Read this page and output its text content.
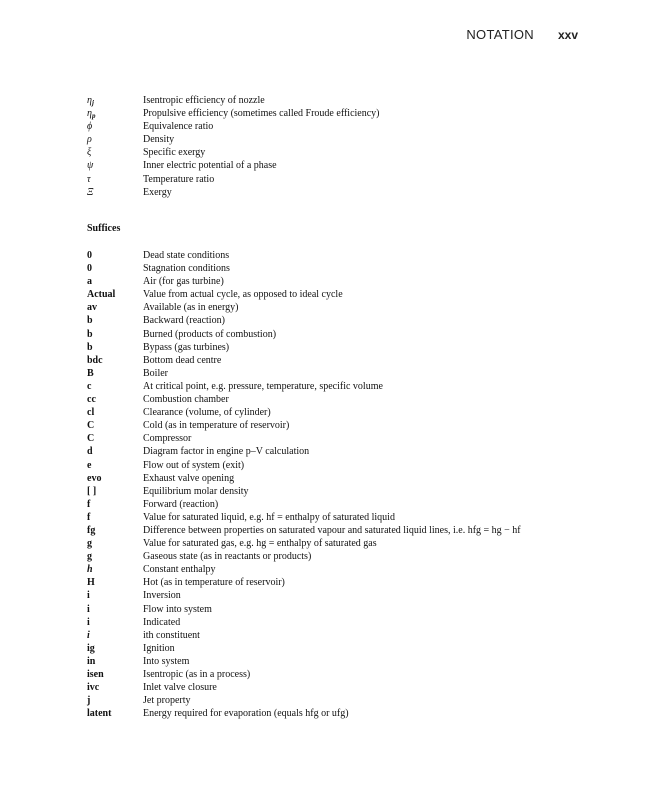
NOTATION xxv
$\eta_j$	Isentropic efficiency of nozzle
$\eta_p$	Propulsive efficiency (sometimes called Froude efficiency)
ϕ	Equivalence ratio
ρ	Density
ξ	Specific exergy
ψ	Inner electric potential of a phase
τ	Temperature ratio
Ξ	Exergy
Suffices
0	Dead state conditions
0	Stagnation conditions
a	Air (for gas turbine)
Actual	Value from actual cycle, as opposed to ideal cycle
av	Available (as in energy)
b	Backward (reaction)
b	Burned (products of combustion)
b	Bypass (gas turbines)
bdc	Bottom dead centre
B	Boiler
c	At critical point, e.g. pressure, temperature, specific volume
cc	Combustion chamber
cl	Clearance (volume, of cylinder)
C	Cold (as in temperature of reservoir)
C	Compressor
d	Diagram factor in engine p–V calculation
e	Flow out of system (exit)
evo	Exhaust valve opening
[ ]	Equilibrium molar density
f	Forward (reaction)
f	Value for saturated liquid, e.g. hf = enthalpy of saturated liquid
fg	Difference between properties on saturated vapour and saturated liquid lines, i.e. hfg = hg − hf
g	Value for saturated gas, e.g. hg = enthalpy of saturated gas
g	Gaseous state (as in reactants or products)
h	Constant enthalpy
H	Hot (as in temperature of reservoir)
i	Inversion
i	Flow into system
i	Indicated
i	ith constituent
ig	Ignition
in	Into system
isen	Isentropic (as in a process)
ivc	Inlet valve closure
j	Jet property
latent	Energy required for evaporation (equals hfg or ufg)
